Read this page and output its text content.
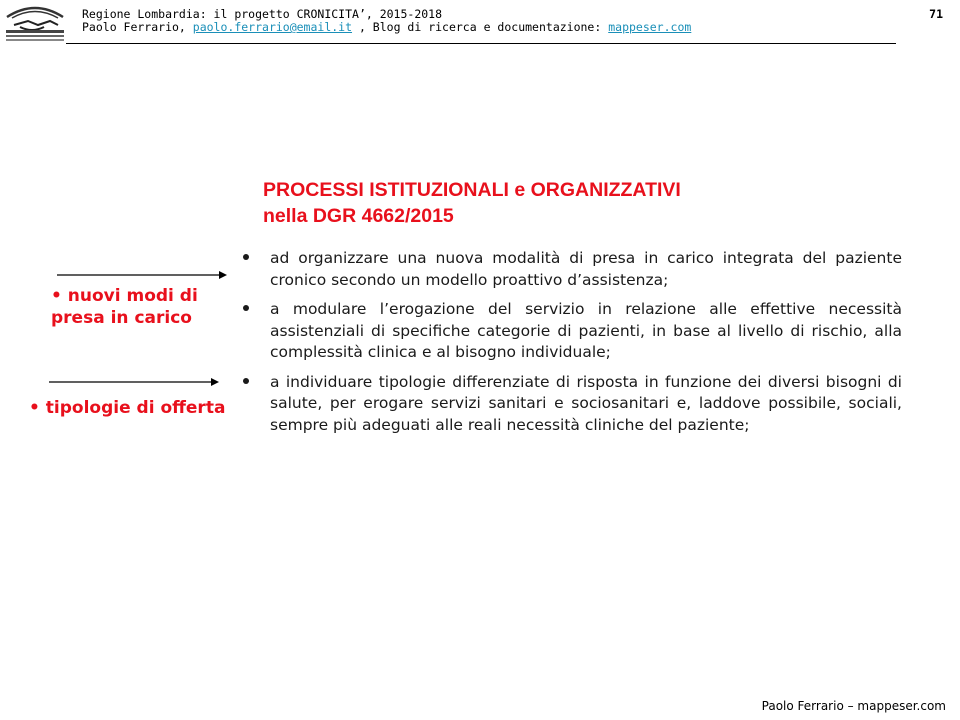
Regione Lombardia: il progetto CRONICITA’, 2015-2018
Paolo Ferrario, paolo.ferrario@email.it , Blog di ricerca e documentazione: mappeser.com
71
PROCESSI ISTITUZIONALI e ORGANIZZATIVI
nella DGR 4662/2015
ad organizzare una nuova modalità di presa in carico integrata del paziente cronico secondo un modello proattivo d’assistenza;
a modulare l’erogazione del servizio in relazione alle effettive necessità assistenziali di specifiche categorie di pazienti, in base al livello di rischio, alla complessità clinica e al bisogno individuale;
a individuare tipologie differenziate di risposta in funzione dei diversi bisogni di salute, per erogare servizi sanitari e sociosanitari e, laddove possibile, sociali, sempre più adeguati alle reali necessità cliniche del paziente;
• nuovi modi di
presa in carico
• tipologie di offerta
Paolo Ferrario – mappeser.com
